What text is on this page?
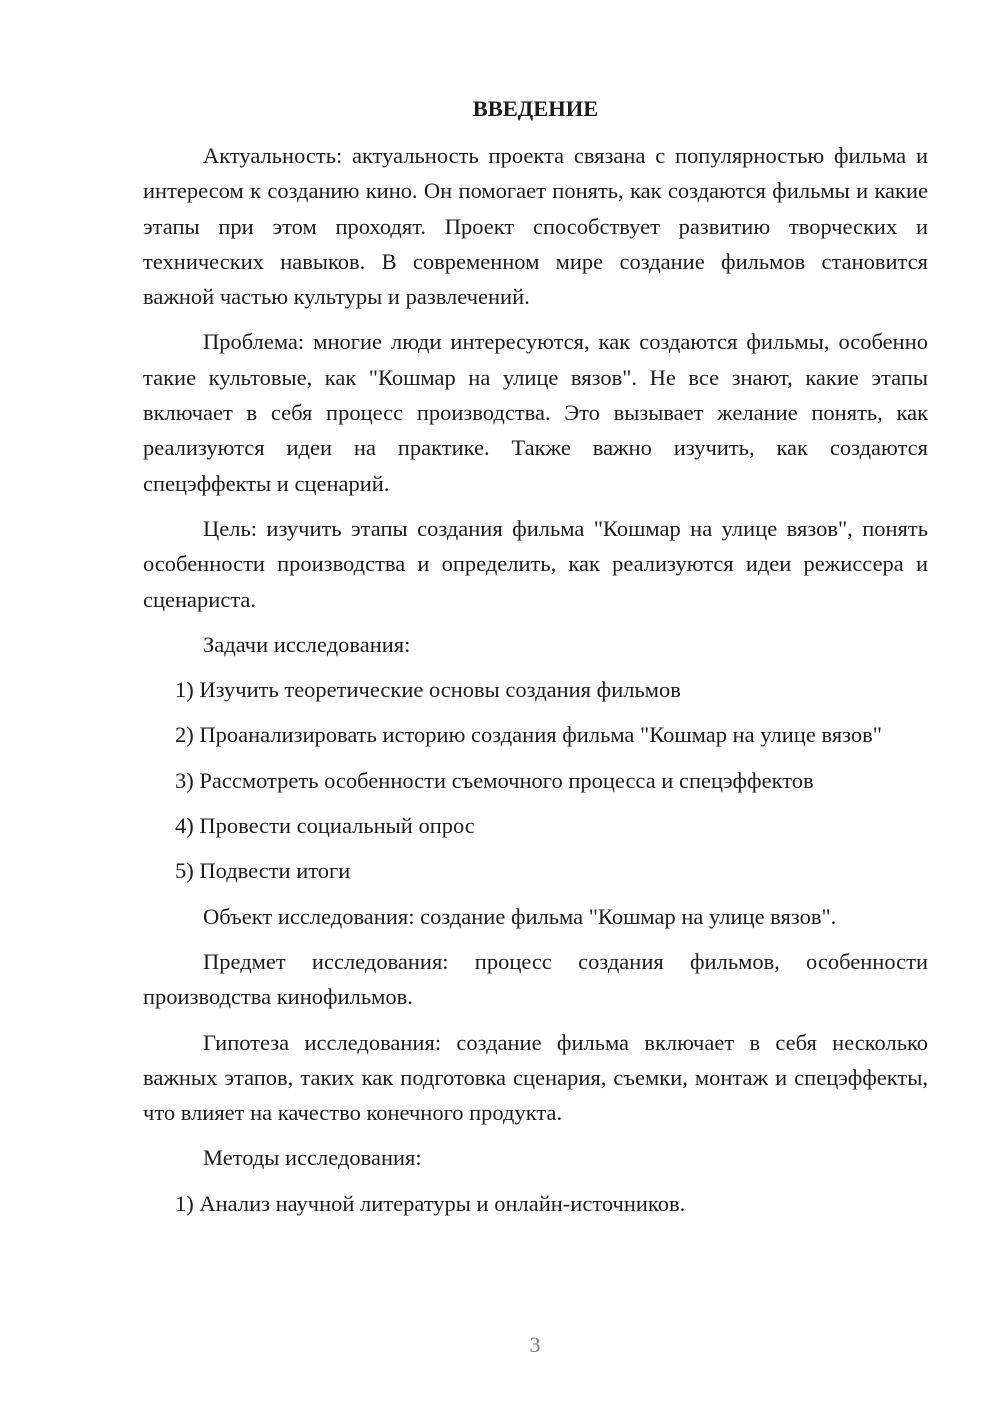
ВВЕДЕНИЕ

Актуальность: актуальность проекта связана с популярностью фильма и интересом к созданию кино. Он помогает понять, как создаются фильмы и какие этапы при этом проходят. Проект способствует развитию творческих и технических навыков. В современном мире создание фильмов становится важной частью культуры и развлечений.

Проблема: многие люди интересуются, как создаются фильмы, особенно такие культовые, как "Кошмар на улице вязов". Не все знают, какие этапы включает в себя процесс производства. Это вызывает желание понять, как реализуются идеи на практике. Также важно изучить, как создаются спецэффекты и сценарий.

Цель: изучить этапы создания фильма "Кошмар на улице вязов", понять особенности производства и определить, как реализуются идеи режиссера и сценариста.

Задачи исследования:

1) Изучить теоретические основы создания фильмов

2) Проанализировать историю создания фильма "Кошмар на улице вязов"

3) Рассмотреть особенности съемочного процесса и спецэффектов

4) Провести социальный опрос

5) Подвести итоги

Объект исследования: создание фильма "Кошмар на улице вязов".

Предмет исследования: процесс создания фильмов, особенности производства кинофильмов.

Гипотеза исследования: создание фильма включает в себя несколько важных этапов, таких как подготовка сценария, съемки, монтаж и спецэффекты, что влияет на качество конечного продукта.

Методы исследования:

1) Анализ научной литературы и онлайн-источников.

3
